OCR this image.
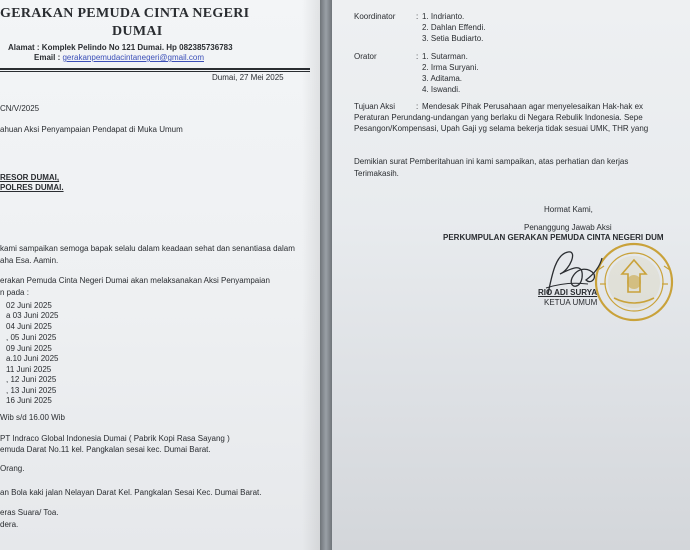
GERAKAN PEMUDA CINTA NEGERI
DUMAI
Alamat : Komplek Pelindo No 121 Dumai. Hp 082385736783
Email : gerakanpemudacintanegeri@gmail.com
Dumai, 27 Mei 2025
CN/V/2025
ahuan Aksi Penyampaian Pendapat di Muka Umum
RESOR DUMAI,
POLRES DUMAI.
kami sampaikan semoga bapak selalu dalam keadaan sehat dan senantiasa dalam
aha Esa. Aamin.
erakan Pemuda Cinta Negeri Dumai akan melaksanakan Aksi Penyampaian
n pada :
02 Juni 2025
a 03 Juni 2025
04 Juni 2025
, 05 Juni 2025
09 Juni 2025
a.10 Juni 2025
11 Juni 2025
, 12 Juni 2025
, 13 Juni 2025
16 Juni 2025
Wib s/d 16.00 Wib
PT Indraco Global Indonesia Dumai ( Pabrik Kopi Rasa Sayang )
emuda Darat No.11 kel. Pangkalan sesai kec. Dumai Barat.
Orang.
an Bola kaki jalan Nelayan Darat Kel. Pangkalan Sesai Kec. Dumai Barat.
eras Suara/ Toa.
dera.
Koordinator	: 1. Indrianto.
2. Dahlan Effendi.
3. Setia Budiarto.
Orator	: 1. Sutarman.
2. Irma Suryani.
3. Aditama.
4. Iswandi.
Tujuan Aksi	: Mendesak Pihak Perusahaan agar menyelesaikan Hak-hak ex
Peraturan Perundang-undangan yang berlaku di Negara Rebulik Indonesia. Sepe
Pesangon/Kompensasi, Upah Gaji yg selama bekerja tidak sesuai UMK, THR yang
Demikian surat Pemberitahuan ini kami sampaikan, atas perhatian dan kerjas
Terimakasih.
Hormat Kami,
Penanggung Jawab Aksi
PERKUMPULAN GERAKAN PEMUDA CINTA NEGERI DUM
RIO ADI SURYA
KETUA UMUM
